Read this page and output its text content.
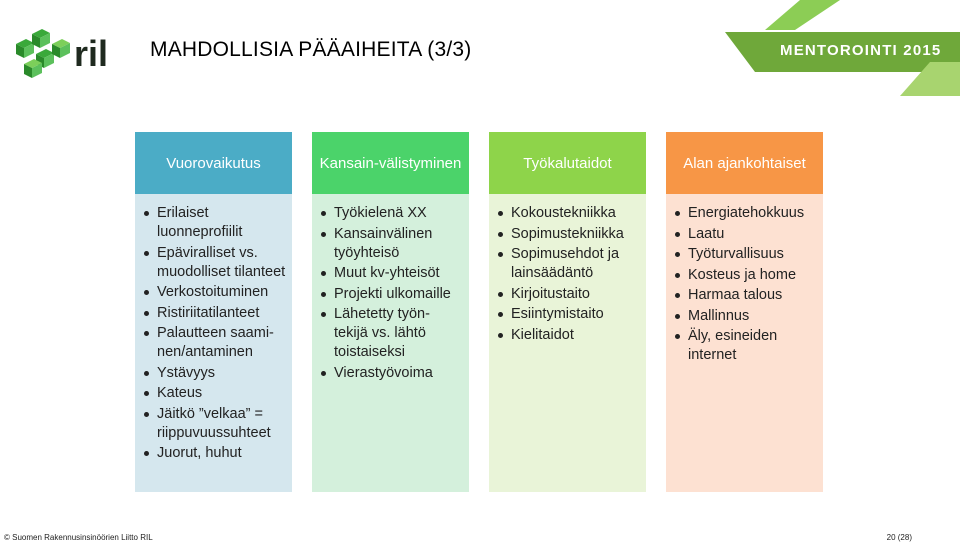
ril MAHDOLLISIA PÄÄAIHEITA (3/3)	MENTOROINTI 2015
Vuorovaikutus
Erilaiset luonneprofiilit
Epäviralliset vs. muodolliset tilanteet
Verkostoituminen
Ristiriitatilanteet
Palautteen saami-nen/antaminen
Ystävyys
Kateus
Jäitkö ”velkaa” = riippuvuussuhteet
Juorut, huhut
Kansain-välistyminen
Työkielenä XX
Kansainvälinen työyhteisö
Muut kv-yhteisöt
Projekti ulkomaille
Lähetetty työn-tekijä vs. lähtö toistaiseksi
Vierastyövoima
Työkalutaidot
Kokoustekniikka
Sopimustekniikka
Sopimusehdot ja lainsäädäntö
Kirjoitustaito
Esiintymistaito
Kielitaidot
Alan ajankohtaiset
Energiatehokkuus
Laatu
Työturvallisuus
Kosteus ja home
Harmaa talous
Mallinnus
Äly, esineiden internet
© Suomen Rakennusinsinöörien Liitto RIL	20 (28)
